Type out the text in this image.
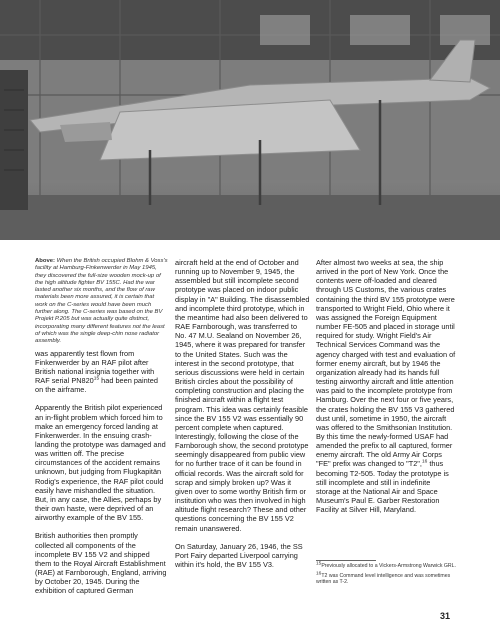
Above: When the British occupied Blohm & Voss's facility at Hamburg-Finkenwerder in May 1945, they discovered the full-size wooden mock-up of the high altitude fighter BV 155C. Had the war lasted another six months, and the flow of raw materials been more assured, it is certain that work on the C-series would have been much further along. The C-series was based on the BV Projekt P.205 but was actually quite distinct, incorporating many different features not the least of which was the single deep-chin nose radiator assembly.

was apparently test flown from Finkenwerder by an RAF pilot after British national insignia together with RAF serial $PN820^{15}$ had been painted on the airframe.

Apparently the British pilot experienced an in-flight problem which forced him to make an emergency forced landing at Finkenwerder. In the ensuing crash-landing the prototype was damaged and was written off. The precise circumstances of the accident remains unknown, but judging from Flugkapitän Rodig's experience, the RAF pilot could easily have mishandled the situation. But, in any case, the Allies, perhaps by their own haste, were deprived of an airworthy example of the BV 155.

British authorities then promptly collected all components of the incomplete BV 155 V2 and shipped them to the Royal Aircraft Establishment (RAE) at Farnborough, England, arriving by October 20, 1945. During the exhibition of captured German

aircraft held at the end of October and running up to November 9, 1945, the assembled but still incomplete second prototype was placed on indoor public display in "A" Building. The disassembled and incomplete third prototype, which in the meantime had also been delivered to RAE Farnborough, was transferred to No. 47 M.U. Sealand on November 26, 1945, where it was prepared for transfer to the United States. Such was the interest in the second prototype, that serious discussions were held in certain British circles about the possibility of completing construction and placing the finished aircraft within a flight test program. This idea was certainly feasible since the BV 155 V2 was essentially 90 percent complete when captured. Interestingly, following the close of the Farnborough show, the second prototype seemingly disappeared from public view for no further trace of it can be found in official records. Was the aircraft sold for scrap and simply broken up? Was it given over to some worthy British firm or institution who was then involved in high altitude flight research? These and other questions concerning the BV 155 V2 remain unanswered.

On Saturday, January 26, 1946, the SS Port Fairy departed Liverpool carrying within it's hold, the BV 155 V3.

After almost two weeks at sea, the ship arrived in the port of New York. Once the contents were off-loaded and cleared through US Customs, the various crates containing the third BV 155 prototype were transported to Wright Field, Ohio where it was assigned the Foreign Equipment number FE-505 and placed in storage until required for study. Wright Field's Air Technical Services Command was the agency charged with test and evaluation of former enemy aircraft, but by 1946 the organization already had its hands full testing airworthy aircraft and little attention was paid to the incomplete prototype from Hamburg. Over the next four or five years, the crates holding the BV 155 V3 gathered dust until, sometime in 1950, the aircraft was offered to the Smithsonian Institution. By this time the newly-formed USAF had amended the prefix to all captured, former enemy aircraft. The old Army Air Corps "FE" prefix was changed to "T2",$^{16}$ thus becoming T2-505. Today the prototype is still incomplete and still in indefinite storage at the National Air and Space Museum's Paul E. Garber Restoration Facility at Silver Hill, Maryland.

$^{15}$Previously allocated to a Vickers-Armstrong Warwick GRL.
$^{16}$T2 was Command level intelligence and was sometimes written as T-2.
31
